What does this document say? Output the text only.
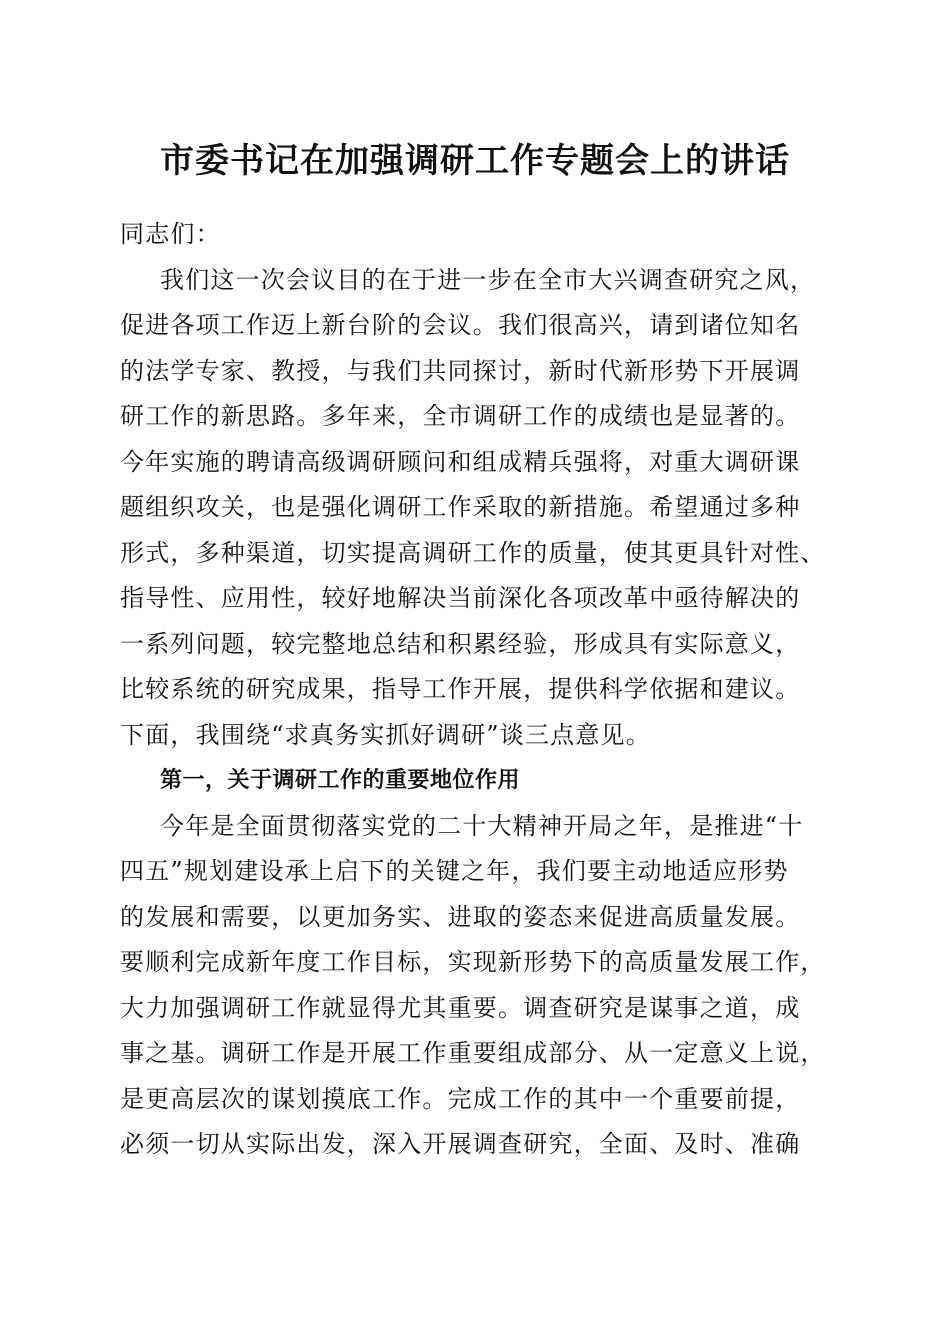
市委书记在加强调研工作专题会上的讲话
同志们：
我们这一次会议目的在于进一步在全市大兴调查研究之风，
促进各项工作迈上新台阶的会议。我们很高兴，请到诸位知名
的法学专家、教授，与我们共同探讨，新时代新形势下开展调
研工作的新思路。多年来，全市调研工作的成绩也是显著的。
今年实施的聘请高级调研顾问和组成精兵强将，对重大调研课
题组织攻关，也是强化调研工作采取的新措施。希望通过多种
形式，多种渠道，切实提高调研工作的质量，使其更具针对性、
指导性、应用性，较好地解决当前深化各项改革中亟待解决的
一系列问题，较完整地总结和积累经验，形成具有实际意义，
比较系统的研究成果，指导工作开展，提供科学依据和建议。
下面，我围绕“求真务实抓好调研”谈三点意见。
第一，关于调研工作的重要地位作用
今年是全面贯彻落实党的二十大精神开局之年，是推进“十
四五”规划建设承上启下的关键之年，我们要主动地适应形势
的发展和需要，以更加务实、进取的姿态来促进高质量发展。
要顺利完成新年度工作目标，实现新形势下的高质量发展工作，
大力加强调研工作就显得尤其重要。调查研究是谋事之道，成
事之基。调研工作是开展工作重要组成部分、从一定意义上说，
是更高层次的谋划摸底工作。完成工作的其中一个重要前提，
必须一切从实际出发，深入开展调查研究，全面、及时、准确
